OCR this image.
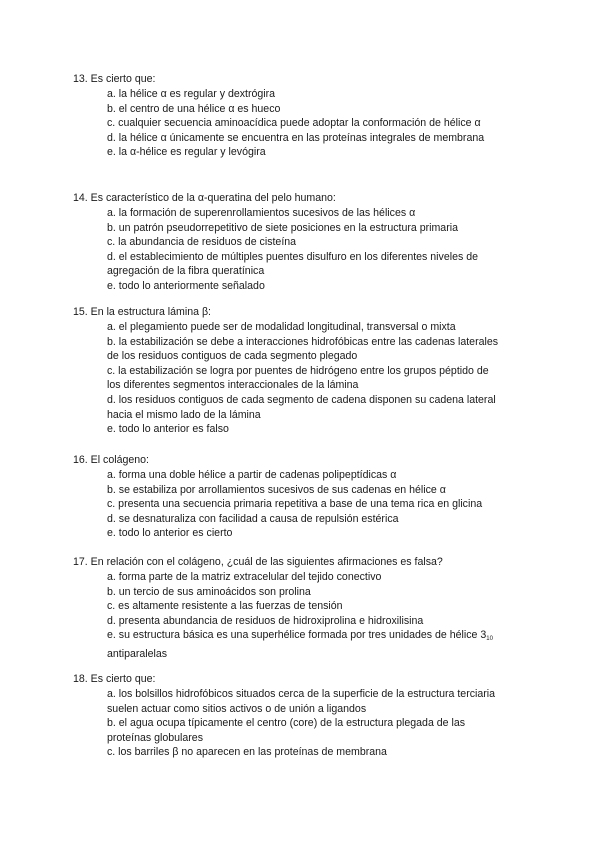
13. Es cierto que:

a. la hélice α es regular y dextrógira

b. el centro de una hélice α es hueco

c. cualquier secuencia aminoacídica puede adoptar la conformación de hélice α

d. la hélice α únicamente se encuentra en las proteínas integrales de membrana

e. la α-hélice es regular y levógira

14. Es característico de la α-queratina del pelo humano:

a. la formación de superenrollamientos sucesivos de las hélices α

b. un patrón pseudorrepetitivo de siete posiciones en la estructura primaria

c. la abundancia de residuos de cisteína

d. el establecimiento de múltiples puentes disulfuro en los diferentes niveles de agregación de la fibra queratínica

e. todo lo anteriormente señalado

15. En la estructura lámina β:

a. el plegamiento puede ser de modalidad longitudinal, transversal o mixta

b. la estabilización se debe a interacciones hidrofóbicas entre las cadenas laterales de los residuos contiguos de cada segmento plegado

c. la estabilización se logra por puentes de hidrógeno entre los grupos péptido de los diferentes segmentos interaccionales de la lámina

d. los residuos contiguos de cada segmento de cadena disponen su cadena lateral hacia el mismo lado de la lámina

e. todo lo anterior es falso

16. El colágeno:

a. forma una doble hélice a partir de cadenas polipeptídicas α

b. se estabiliza por arrollamientos sucesivos de sus cadenas en hélice α

c. presenta una secuencia primaria repetitiva a base de una tema rica en glicina

d. se desnaturaliza con facilidad a causa de repulsión estérica

e. todo lo anterior es cierto

17. En relación con el colágeno, ¿cuál de las siguientes afirmaciones es falsa?

a. forma parte de la matriz extracelular del tejido conectivo

b. un tercio de sus aminoácidos son prolina

c. es altamente resistente a las fuerzas de tensión

d. presenta abundancia de residuos de hidroxiprolina e hidroxilisina

e. su estructura básica es una superhélice formada por tres unidades de hélice $3_{10}$ antiparalelas

18. Es cierto que:

a. los bolsillos hidrofóbicos situados cerca de la superficie de la estructura terciaria suelen actuar como sitios activos o de unión a ligandos

b. el agua ocupa típicamente el centro (core) de la estructura plegada de las proteínas globulares

c. los barriles β no aparecen en las proteínas de membrana
